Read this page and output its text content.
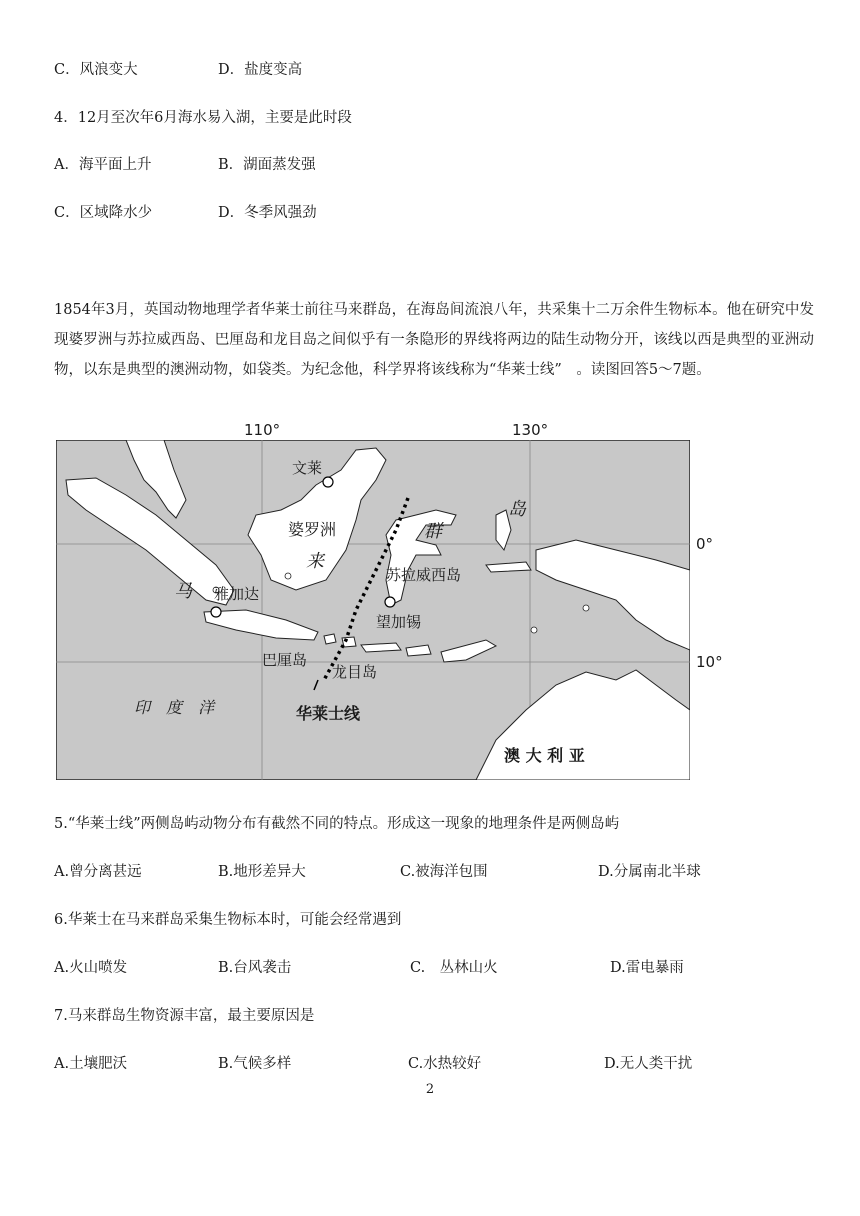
C．风浪变大	D．盐度变高
4．12月至次年6月海水易入湖，主要是此时段
A．海平面上升	B．湖面蒸发强
C．区域降水少	D．冬季风强劲
1854年3月，英国动物地理学者华莱士前往马来群岛，在海岛间流浪八年，共采集十二万余件生物标本。他在研究中发现婆罗洲与苏拉威西岛、巴厘岛和龙目岛之间似乎有一条隐形的界线将两边的陆生动物分开，该线以西是典型的亚洲动物，以东是典型的澳洲动物，如袋类。为纪念他，科学界将该线称为“华莱士线”　。读图回答5～7题。
110°	130°
文莱
婆罗洲
苏拉威西岛
雅加达
望加锡
巴厘岛
龙目岛
印　度　洋
澳 大 利 亚
华莱士线
马
来
群
岛
0°
10°
5.“华莱士线”两侧岛屿动物分布有截然不同的特点。形成这一现象的地理条件是两侧岛屿
A.曾分离甚远	B.地形差异大	C.被海洋包围	D.分属南北半球
6.华莱士在马来群岛采集生物标本时，可能会经常遇到
A.火山喷发	B.台风袭击	C.　丛林山火	D.雷电暴雨
7.马来群岛生物资源丰富，最主要原因是
A.土壤肥沃	B.气候多样	C.水热较好	D.无人类干扰
2
